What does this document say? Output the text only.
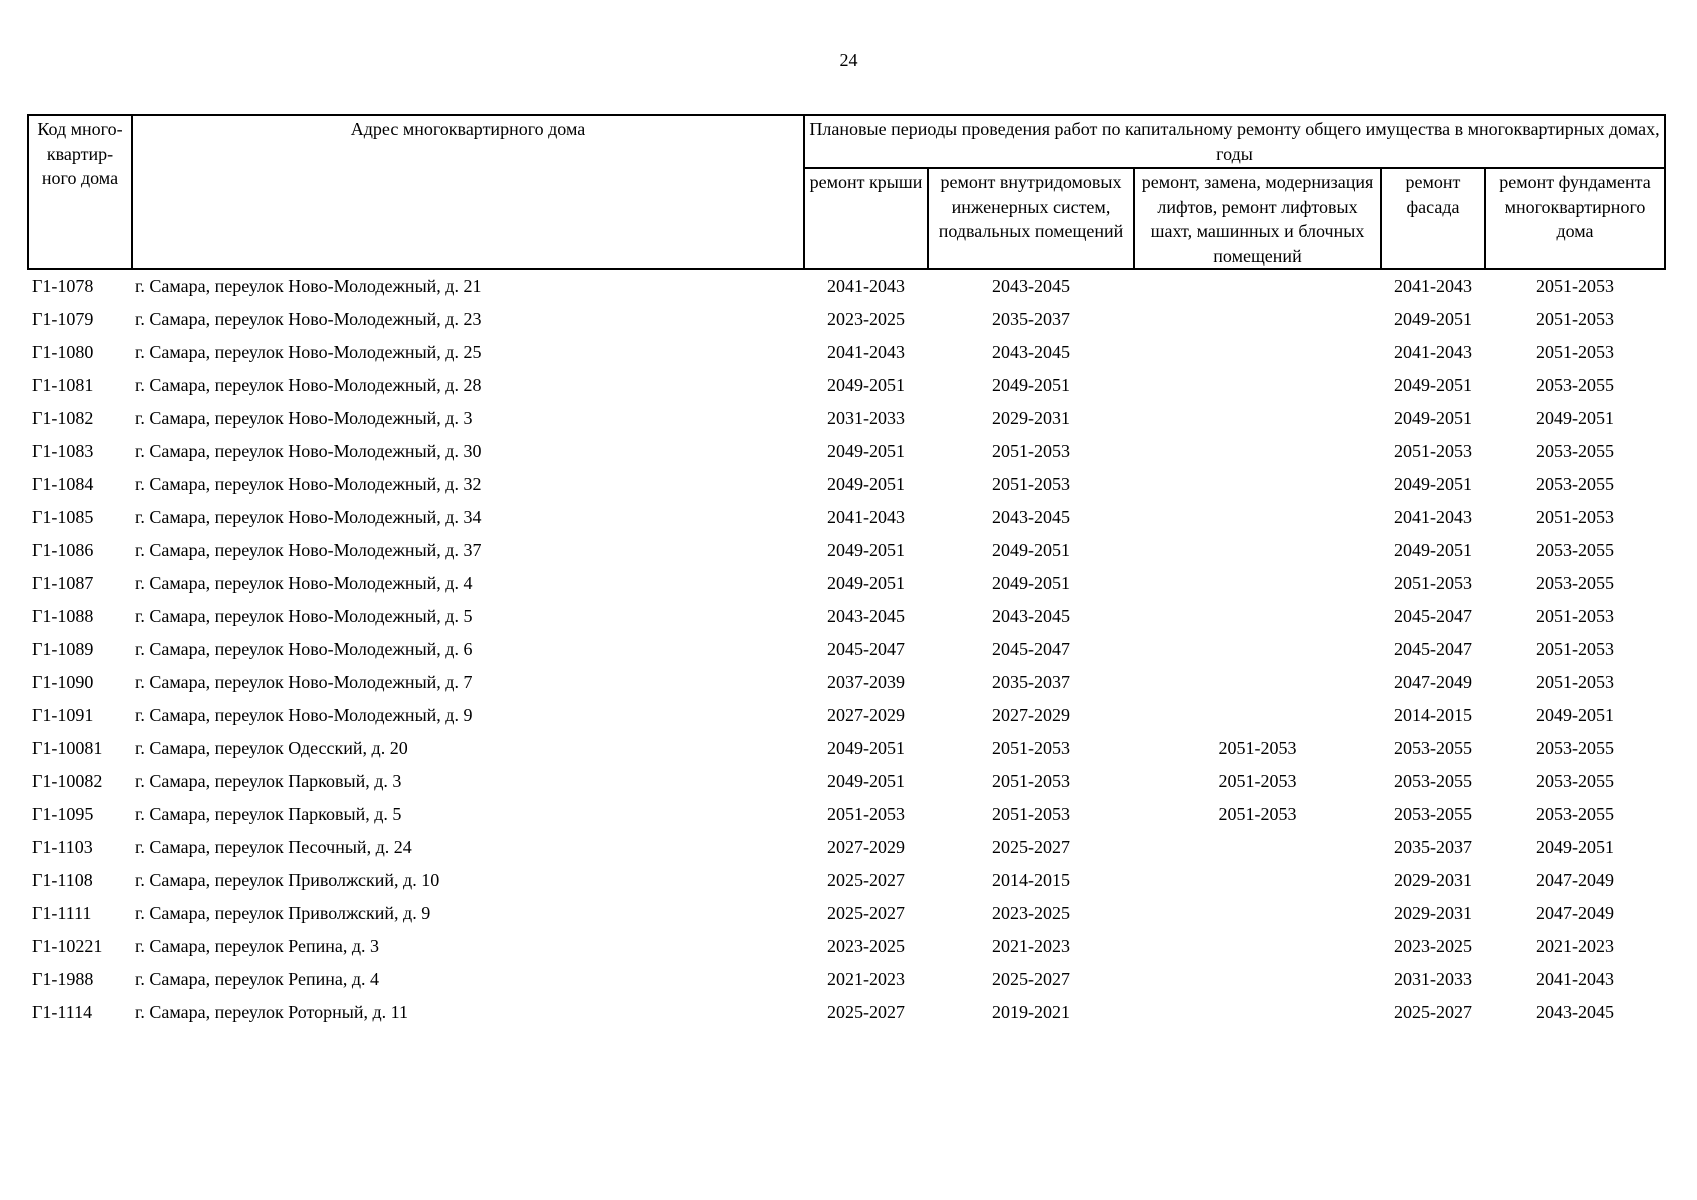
24
Код много-квартир-ного дома	Адрес многоквартирного дома	Плановые периоды проведения работ по капитальному ремонту общего имущества в многоквартирных домах, годы				
		ремонт крыши	ремонт внутридомовых инженерных систем, подвальных помещений	ремонт, замена, модернизация лифтов, ремонт лифтовых шахт, машинных и блочных помещений	ремонт фасада	ремонт фундамента многоквартирного дома
Г1-1078	г. Самара, переулок Ново-Молодежный, д. 21	2041-2043	2043-2045		2041-2043	2051-2053
Г1-1079	г. Самара, переулок Ново-Молодежный, д. 23	2023-2025	2035-2037		2049-2051	2051-2053
Г1-1080	г. Самара, переулок Ново-Молодежный, д. 25	2041-2043	2043-2045		2041-2043	2051-2053
Г1-1081	г. Самара, переулок Ново-Молодежный, д. 28	2049-2051	2049-2051		2049-2051	2053-2055
Г1-1082	г. Самара, переулок Ново-Молодежный, д. 3	2031-2033	2029-2031		2049-2051	2049-2051
Г1-1083	г. Самара, переулок Ново-Молодежный, д. 30	2049-2051	2051-2053		2051-2053	2053-2055
Г1-1084	г. Самара, переулок Ново-Молодежный, д. 32	2049-2051	2051-2053		2049-2051	2053-2055
Г1-1085	г. Самара, переулок Ново-Молодежный, д. 34	2041-2043	2043-2045		2041-2043	2051-2053
Г1-1086	г. Самара, переулок Ново-Молодежный, д. 37	2049-2051	2049-2051		2049-2051	2053-2055
Г1-1087	г. Самара, переулок Ново-Молодежный, д. 4	2049-2051	2049-2051		2051-2053	2053-2055
Г1-1088	г. Самара, переулок Ново-Молодежный, д. 5	2043-2045	2043-2045		2045-2047	2051-2053
Г1-1089	г. Самара, переулок Ново-Молодежный, д. 6	2045-2047	2045-2047		2045-2047	2051-2053
Г1-1090	г. Самара, переулок Ново-Молодежный, д. 7	2037-2039	2035-2037		2047-2049	2051-2053
Г1-1091	г. Самара, переулок Ново-Молодежный, д. 9	2027-2029	2027-2029		2014-2015	2049-2051
Г1-10081	г. Самара, переулок Одесский, д. 20	2049-2051	2051-2053	2051-2053	2053-2055	2053-2055
Г1-10082	г. Самара, переулок Парковый, д. 3	2049-2051	2051-2053	2051-2053	2053-2055	2053-2055
Г1-1095	г. Самара, переулок Парковый, д. 5	2051-2053	2051-2053	2051-2053	2053-2055	2053-2055
Г1-1103	г. Самара, переулок Песочный, д. 24	2027-2029	2025-2027		2035-2037	2049-2051
Г1-1108	г. Самара, переулок Приволжский, д. 10	2025-2027	2014-2015		2029-2031	2047-2049
Г1-1111	г. Самара, переулок Приволжский, д. 9	2025-2027	2023-2025		2029-2031	2047-2049
Г1-10221	г. Самара, переулок Репина, д. 3	2023-2025	2021-2023		2023-2025	2021-2023
Г1-1988	г. Самара, переулок Репина, д. 4	2021-2023	2025-2027		2031-2033	2041-2043
Г1-1114	г. Самара, переулок Роторный, д. 11	2025-2027	2019-2021		2025-2027	2043-2045
